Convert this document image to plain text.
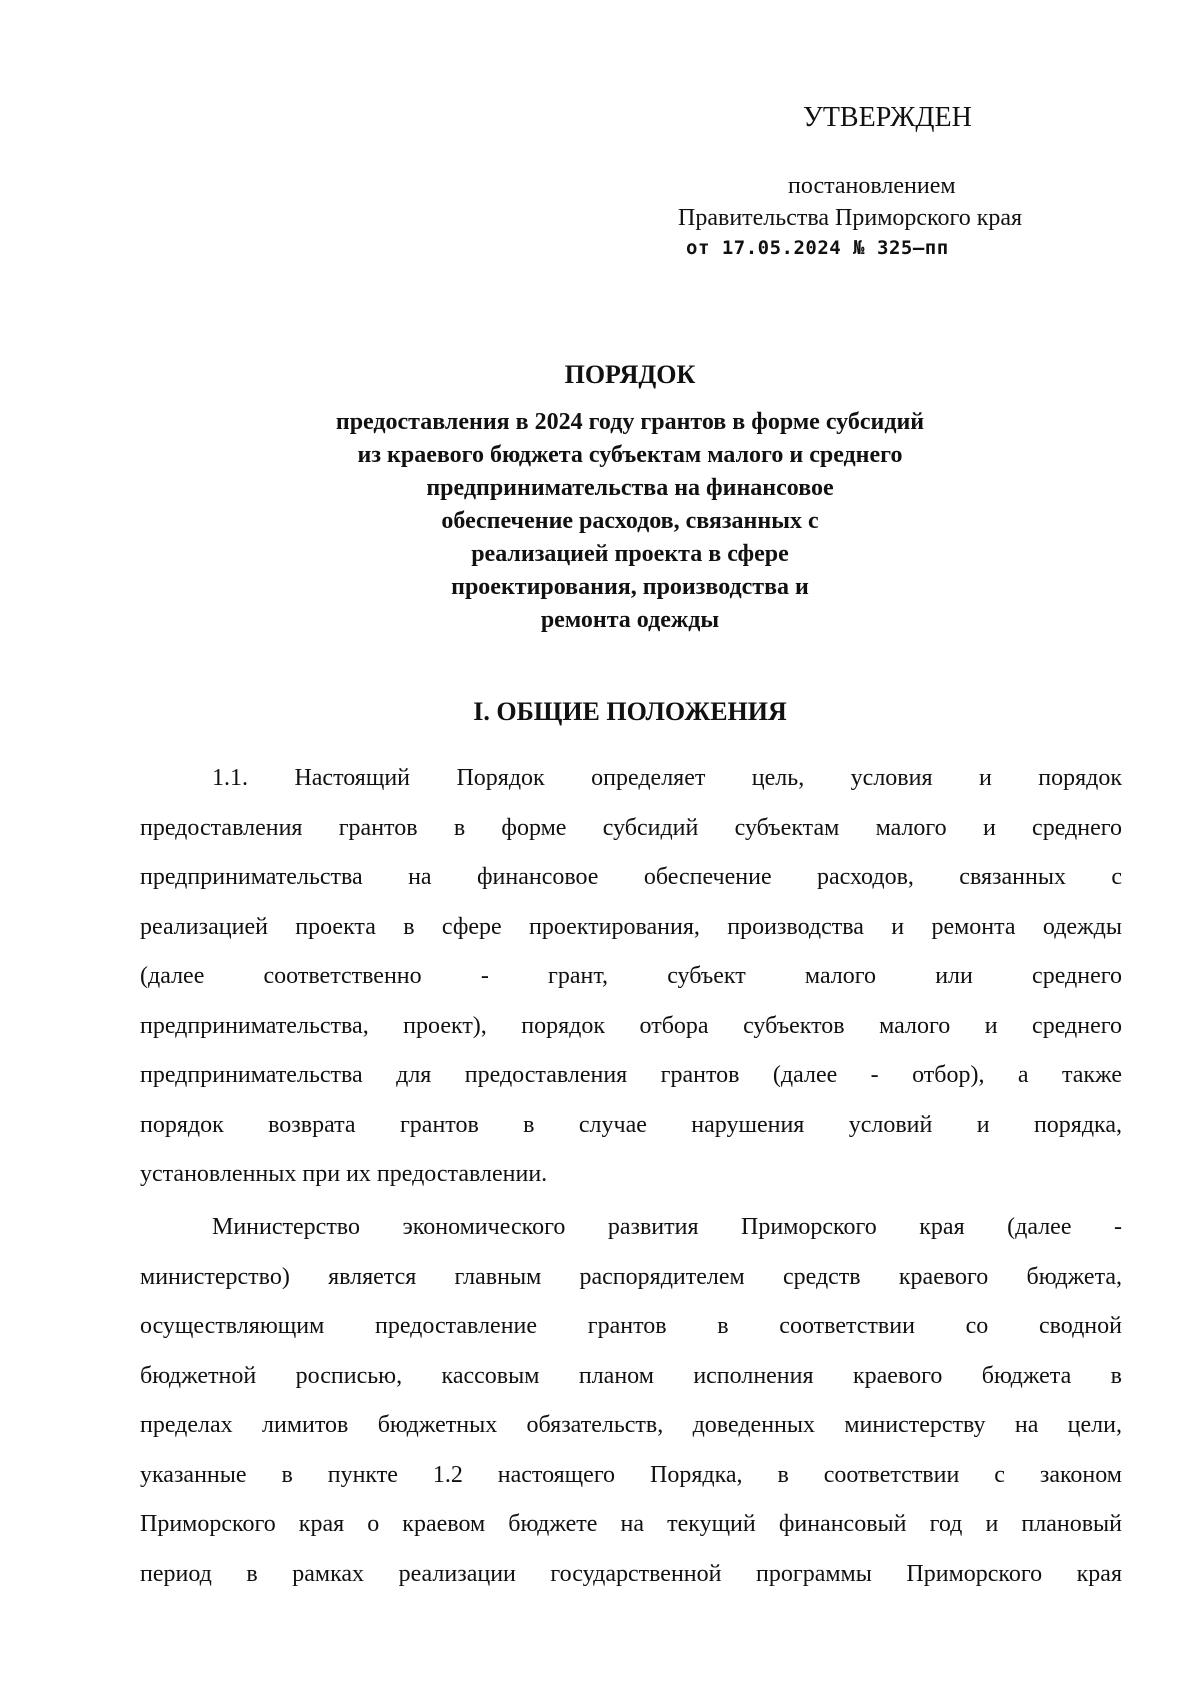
УТВЕРЖДЕН
постановлением
Правительства Приморского края
от 17.05.2024 № 325–пп
ПОРЯДОК
предоставления в 2024 году грантов в форме субсидий
из краевого бюджета субъектам малого и среднего
предпринимательства на финансовое
обеспечение расходов, связанных с
реализацией проекта в сфере
проектирования, производства и
ремонта одежды
I. ОБЩИЕ ПОЛОЖЕНИЯ
1.1. Настоящий Порядок определяет цель, условия и порядок
предоставления грантов в форме субсидий субъектам малого и среднего
предпринимательства на финансовое обеспечение расходов, связанных с
реализацией проекта в сфере проектирования, производства и ремонта одежды
(далее соответственно - грант, субъект малого или среднего
предпринимательства, проект), порядок отбора субъектов малого и среднего
предпринимательства для предоставления грантов (далее - отбор), а также
порядок возврата грантов в случае нарушения условий и порядка,
установленных при их предоставлении.
Министерство экономического развития Приморского края (далее -
министерство) является главным распорядителем средств краевого бюджета,
осуществляющим предоставление грантов в соответствии со сводной
бюджетной росписью, кассовым планом исполнения краевого бюджета в
пределах лимитов бюджетных обязательств, доведенных министерству на цели,
указанные в пункте 1.2 настоящего Порядка, в соответствии с законом
Приморского края о краевом бюджете на текущий финансовый год и плановый
период в рамках реализации государственной программы Приморского края
